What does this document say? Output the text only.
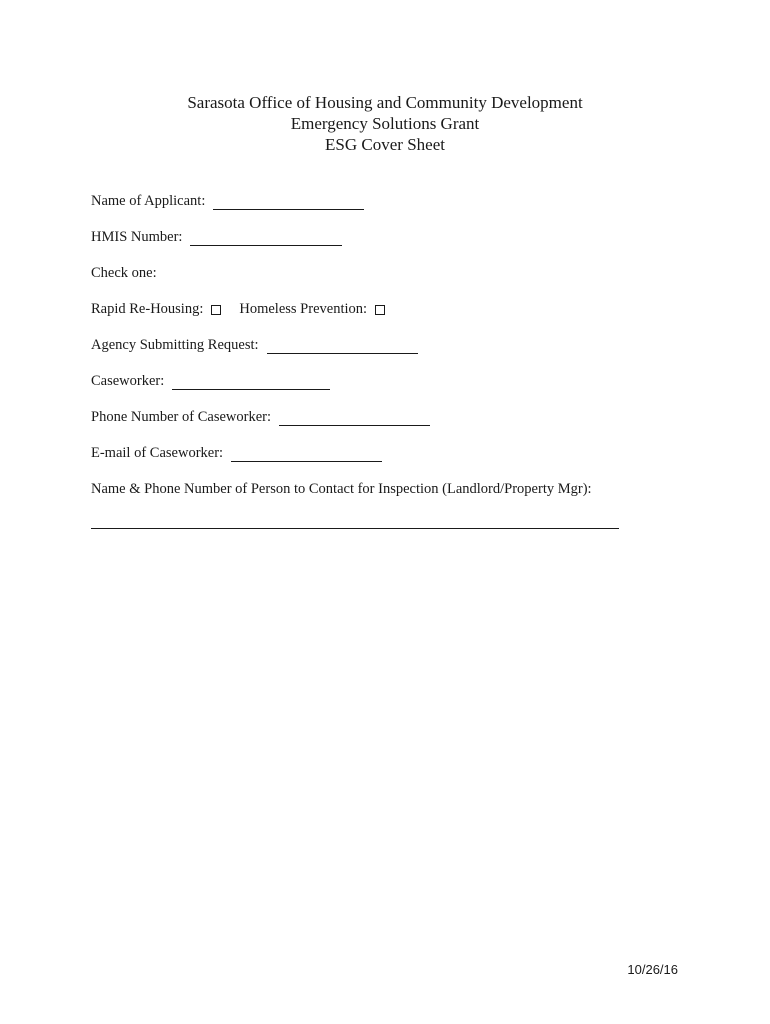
Sarasota Office of Housing and Community Development
Emergency Solutions Grant
ESG Cover Sheet
Name of Applicant:
HMIS Number:
Check one:
Rapid Re-Housing: Homeless Prevention:
Agency Submitting Request:
Caseworker:
Phone Number of Caseworker:
E-mail of Caseworker:
Name & Phone Number of Person to Contact for Inspection (Landlord/Property Mgr):
10/26/16
